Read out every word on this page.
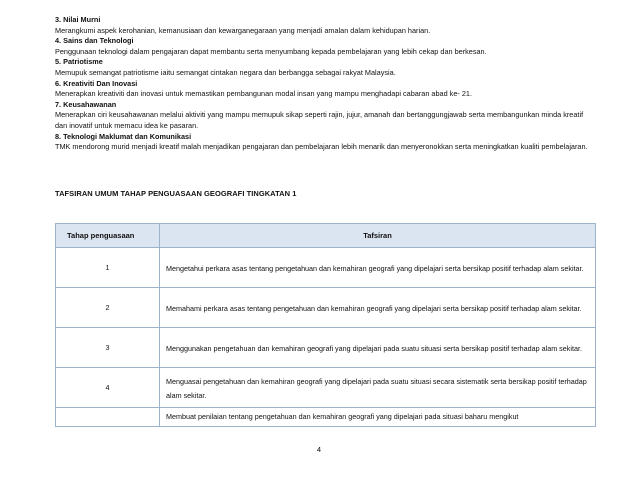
3. Nilai Murni

Merangkumi aspek kerohanian, kemanusiaan dan kewarganegaraan yang menjadi amalan dalam kehidupan harian.

4. Sains dan Teknologi

Penggunaan teknologi dalam pengajaran dapat membantu serta menyumbang kepada pembelajaran yang lebih cekap dan berkesan.

5. Patriotisme

Memupuk semangat patriotisme iaitu semangat cintakan negara dan berbangga sebagai rakyat Malaysia.

6. Kreativiti Dan Inovasi

Menerapkan kreativiti dan inovasi untuk memastikan pembangunan modal insan yang mampu menghadapi cabaran abad ke- 21.

7. Keusahawanan

Menerapkan ciri keusahawanan melalui aktiviti yang mampu memupuk sikap seperti rajin, jujur, amanah dan bertanggungjawab serta membangunkan minda kreatif dan inovatif untuk memacu idea ke pasaran.

8. Teknologi Maklumat dan Komunikasi

TMK mendorong murid menjadi kreatif malah menjadikan pengajaran dan pembelajaran lebih menarik dan menyeronokkan serta meningkatkan kualiti pembelajaran.

TAFSIRAN UMUM TAHAP PENGUASAAN GEOGRAFI TINGKATAN 1
Tahap penguasaan	Tafsiran
1	Mengetahui perkara asas tentang pengetahuan dan kemahiran geografi yang dipelajari serta bersikap positif terhadap alam sekitar.
2	Memahami perkara asas tentang pengetahuan dan kemahiran geografi yang dipelajari serta bersikap positif terhadap alam sekitar.
3	Menggunakan pengetahuan dan kemahiran geografi yang dipelajari pada suatu situasi serta bersikap positif terhadap alam sekitar.
4	Menguasai pengetahuan dan kemahiran geografi yang dipelajari pada suatu situasi secara sistematik serta bersikap positif terhadap alam sekitar.
	Membuat penilaian tentang pengetahuan dan kemahiran geografi yang dipelajari pada situasi baharu mengikut
4
